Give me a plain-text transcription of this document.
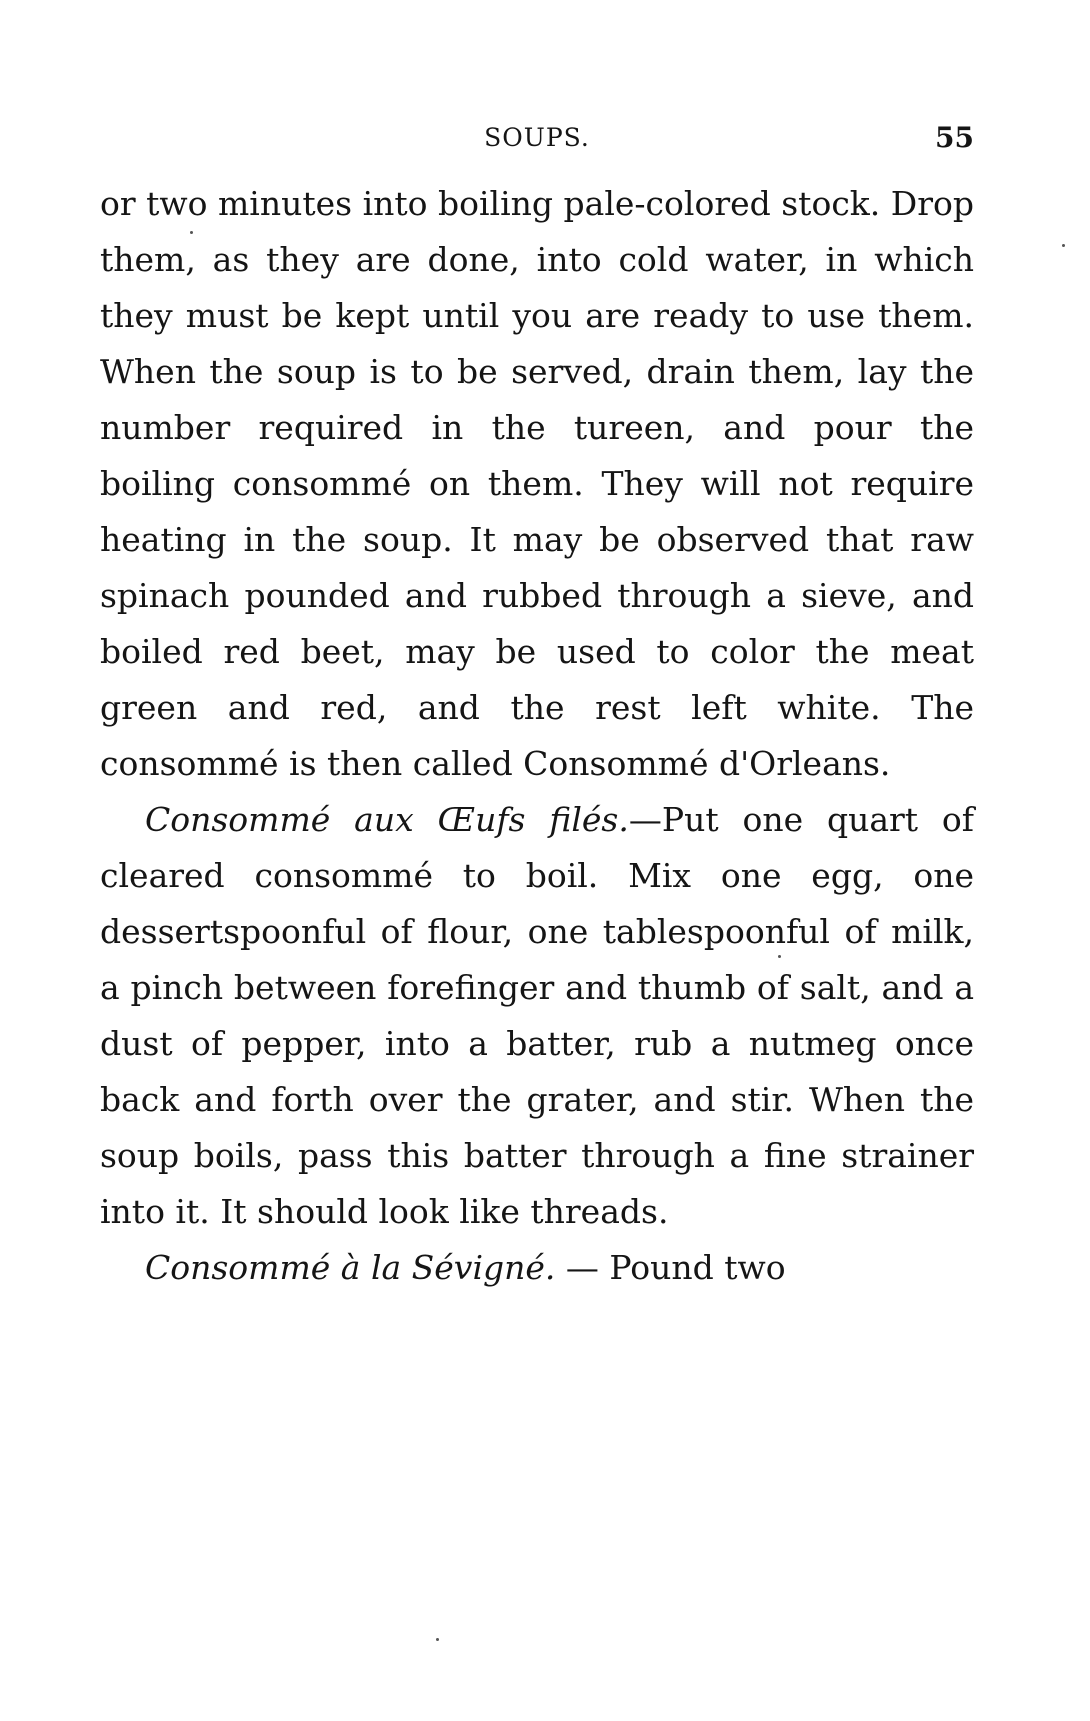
SOUPS.	55

or two minutes into boiling pale-colored stock. Drop them, as they are done, into cold water, in which they must be kept until you are ready to use them. When the soup is to be served, drain them, lay the number required in the tureen, and pour the boiling consommé on them. They will not require heating in the soup. It may be observed that raw spinach pounded and rubbed through a sieve, and boiled red beet, may be used to color the meat green and red, and the rest left white. The consommé is then called Consommé d'Orleans.

Consommé aux Œufs filés.—Put one quart of cleared consommé to boil. Mix one egg, one dessertspoonful of flour, one tablespoonful of milk, a pinch between forefinger and thumb of salt, and a dust of pepper, into a batter, rub a nutmeg once back and forth over the grater, and stir. When the soup boils, pass this batter through a fine strainer into it. It should look like threads.

Consommé à la Sévigné. — Pound two
